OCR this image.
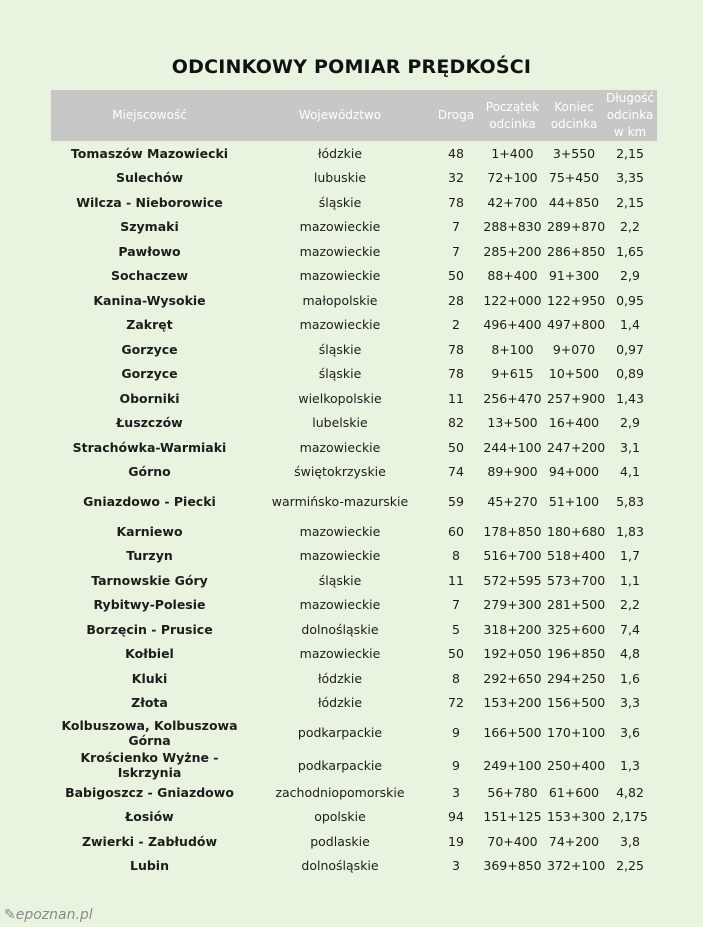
ODCINKOWY POMIAR PRĘDKOŚCI
Miejscowość	Województwo	Droga	Początek odcinka	Koniec odcinka	Długość odcinka w km
Tomaszów Mazowiecki	łódzkie	48	1+400	3+550	2,15
Sulechów	lubuskie	32	72+100	75+450	3,35
Wilcza - Nieborowice	śląskie	78	42+700	44+850	2,15
Szymaki	mazowieckie	7	288+830	289+870	2,2
Pawłowo	mazowieckie	7	285+200	286+850	1,65
Sochaczew	mazowieckie	50	88+400	91+300	2,9
Kanina-Wysokie	małopolskie	28	122+000	122+950	0,95
Zakręt	mazowieckie	2	496+400	497+800	1,4
Gorzyce	śląskie	78	8+100	9+070	0,97
Gorzyce	śląskie	78	9+615	10+500	0,89
Oborniki	wielkopolskie	11	256+470	257+900	1,43
Łuszczów	lubelskie	82	13+500	16+400	2,9
Strachówka-Warmiaki	mazowieckie	50	244+100	247+200	3,1
Górno	świętokrzyskie	74	89+900	94+000	4,1
Gniazdowo - Piecki	warmińsko-mazurskie	59	45+270	51+100	5,83
Karniewo	mazowieckie	60	178+850	180+680	1,83
Turzyn	mazowieckie	8	516+700	518+400	1,7
Tarnowskie Góry	śląskie	11	572+595	573+700	1,1
Rybitwy-Polesie	mazowieckie	7	279+300	281+500	2,2
Borzęcin - Prusice	dolnośląskie	5	318+200	325+600	7,4
Kołbiel	mazowieckie	50	192+050	196+850	4,8
Kluki	łódzkie	8	292+650	294+250	1,6
Złota	łódzkie	72	153+200	156+500	3,3
Kolbuszowa, Kolbuszowa Górna	podkarpackie	9	166+500	170+100	3,6
Krościenko Wyżne - Iskrzynia	podkarpackie	9	249+100	250+400	1,3
Babigoszcz - Gniazdowo	zachodniopomorskie	3	56+780	61+600	4,82
Łosiów	opolskie	94	151+125	153+300	2,175
Zwierki - Zabłudów	podlaskie	19	70+400	74+200	3,8
Lubin	dolnośląskie	3	369+850	372+100	2,25
✎epoznan.pl
